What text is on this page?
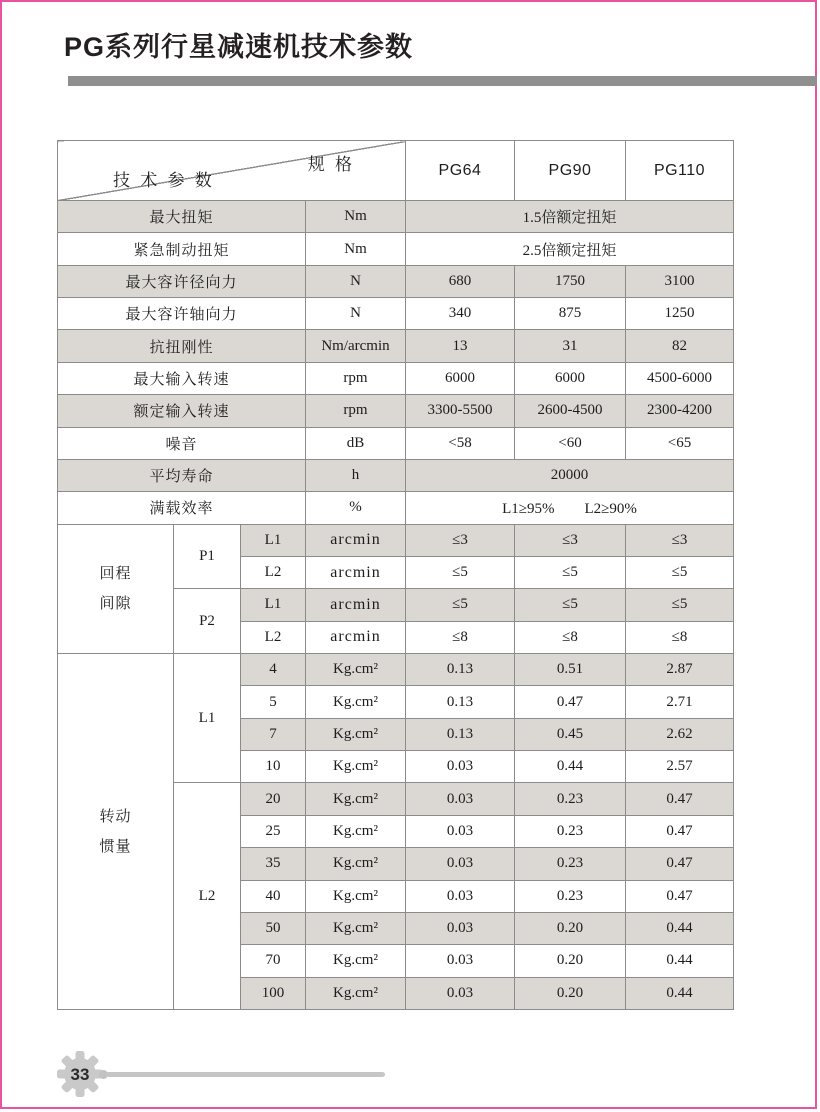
PG系列行星减速机技术参数
规 格
技 术 参 数				PG64	PG90	PG110
最大扭矩			Nm	1.5倍额定扭矩		
紧急制动扭矩			Nm	2.5倍额定扭矩		
最大容许径向力			N	680	1750	3100
最大容许轴向力			N	340	875	1250
抗扭刚性			Nm/arcmin	13	31	82
最大输入转速			rpm	6000	6000	4500-6000
额定输入转速			rpm	3300-5500	2600-4500	2300-4200
噪音			dB	<58	<60	<65
平均寿命			h	20000		
满载效率			%	L1≥95%　　L2≥90%		

回程
间隙	P1	L1	arcmin	≤3	≤3	≤3
		L2	arcmin	≤5	≤5	≤5
	P2	L1	arcmin	≤5	≤5	≤5
		L2	arcmin	≤8	≤8	≤8

转动
惯量	L1	4	Kg.cm²	0.13	0.51	2.87
		5	Kg.cm²	0.13	0.47	2.71
		7	Kg.cm²	0.13	0.45	2.62
		10	Kg.cm²	0.03	0.44	2.57
	L2	20	Kg.cm²	0.03	0.23	0.47
		25	Kg.cm²	0.03	0.23	0.47
		35	Kg.cm²	0.03	0.23	0.47
		40	Kg.cm²	0.03	0.23	0.47
		50	Kg.cm²	0.03	0.20	0.44
		70	Kg.cm²	0.03	0.20	0.44
		100	Kg.cm²	0.03	0.20	0.44
33
